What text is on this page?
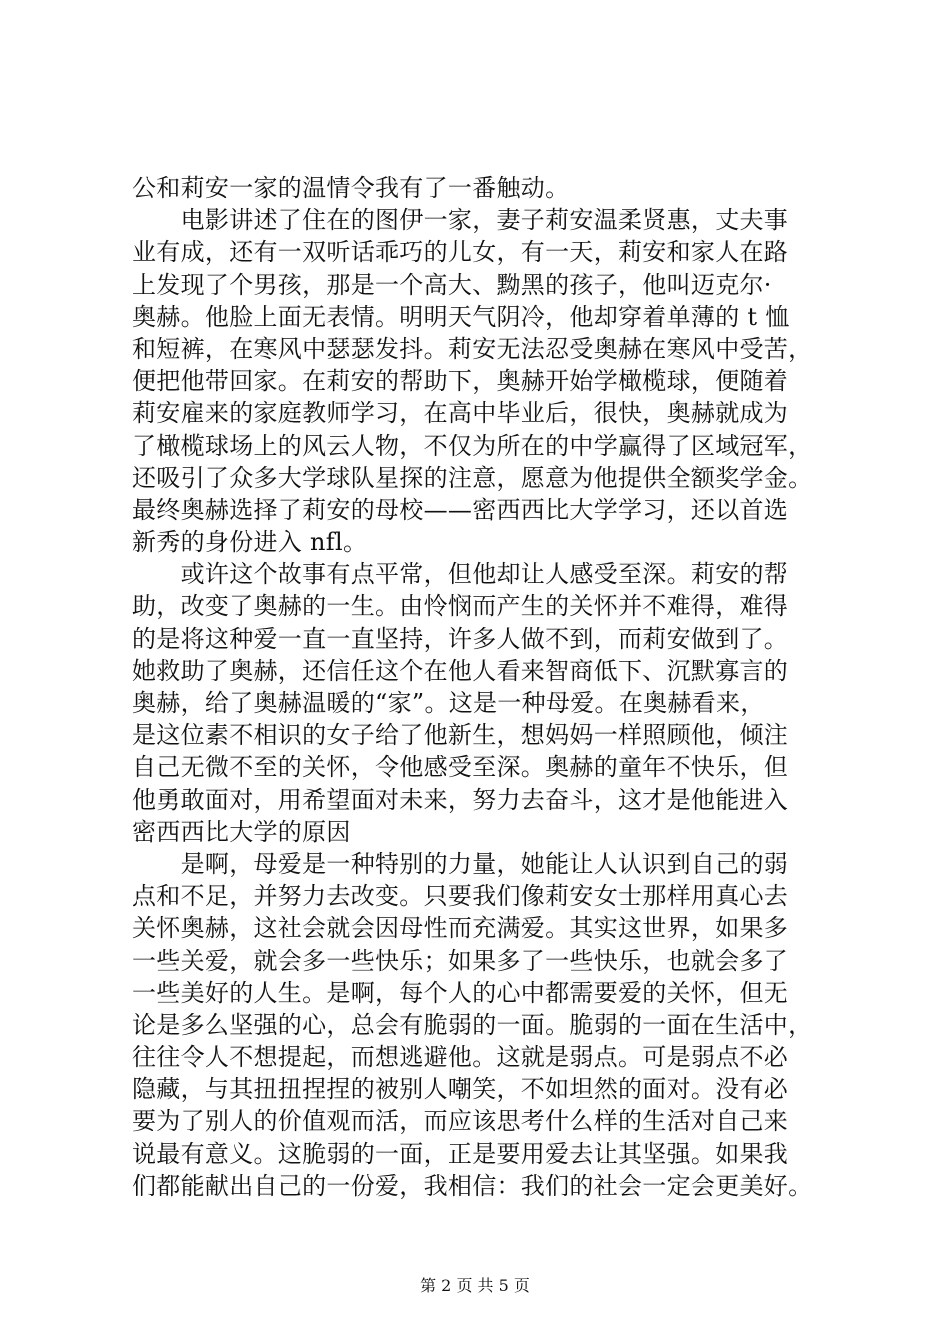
公和莉安一家的温情令我有了一番触动。
　　电影讲述了住在的图伊一家，妻子莉安温柔贤惠，丈夫事
业有成，还有一双听话乖巧的儿女，有一天，莉安和家人在路
上发现了个男孩，那是一个高大、黝黑的孩子，他叫迈克尔·
奥赫。他脸上面无表情。明明天气阴冷，他却穿着单薄的 t 恤
和短裤，在寒风中瑟瑟发抖。莉安无法忍受奥赫在寒风中受苦，
便把他带回家。在莉安的帮助下，奥赫开始学橄榄球，便随着
莉安雇来的家庭教师学习，在高中毕业后，很快，奥赫就成为
了橄榄球场上的风云人物，不仅为所在的中学赢得了区域冠军，
还吸引了众多大学球队星探的注意，愿意为他提供全额奖学金。
最终奥赫选择了莉安的母校——密西西比大学学习，还以首选
新秀的身份进入 nfl。
　　或许这个故事有点平常，但他却让人感受至深。莉安的帮
助，改变了奥赫的一生。由怜悯而产生的关怀并不难得，难得
的是将这种爱一直一直坚持，许多人做不到，而莉安做到了。
她救助了奥赫，还信任这个在他人看来智商低下、沉默寡言的
奥赫，给了奥赫温暖的“家”。这是一种母爱。在奥赫看来，
是这位素不相识的女子给了他新生，想妈妈一样照顾他，倾注
自己无微不至的关怀，令他感受至深。奥赫的童年不快乐，但
他勇敢面对，用希望面对未来，努力去奋斗，这才是他能进入
密西西比大学的原因
　　是啊，母爱是一种特别的力量，她能让人认识到自己的弱
点和不足，并努力去改变。只要我们像莉安女士那样用真心去
关怀奥赫，这社会就会因母性而充满爱。其实这世界，如果多
一些关爱，就会多一些快乐；如果多了一些快乐，也就会多了
一些美好的人生。是啊，每个人的心中都需要爱的关怀，但无
论是多么坚强的心，总会有脆弱的一面。脆弱的一面在生活中，
往往令人不想提起，而想逃避他。这就是弱点。可是弱点不必
隐藏，与其扭扭捏捏的被别人嘲笑，不如坦然的面对。没有必
要为了别人的价值观而活，而应该思考什么样的生活对自己来
说最有意义。这脆弱的一面，正是要用爱去让其坚强。如果我
们都能献出自己的一份爱，我相信：我们的社会一定会更美好。
第 2 页 共 5 页
